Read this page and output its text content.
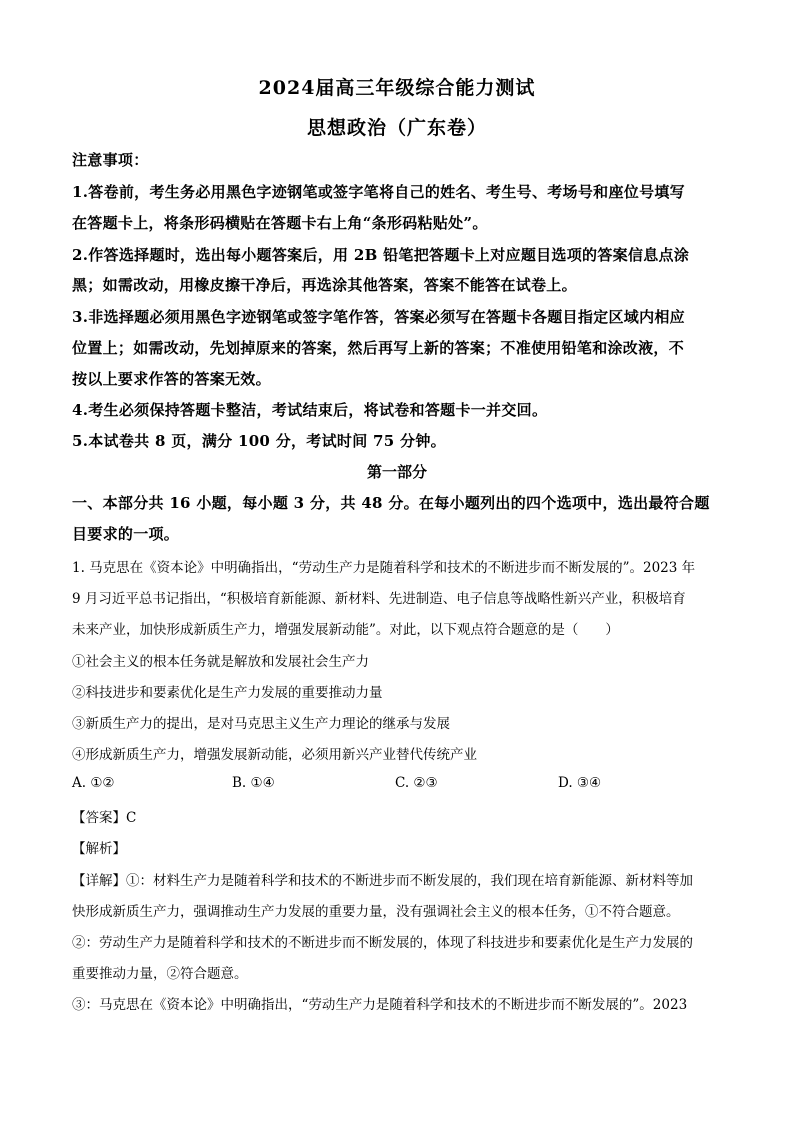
2024届高三年级综合能力测试
思想政治（广东卷）
注意事项：
1.答卷前，考生务必用黑色字迹钢笔或签字笔将自己的姓名、考生号、考场号和座位号填写
在答题卡上，将条形码横贴在答题卡右上角“条形码粘贴处”。
2.作答选择题时，选出每小题答案后，用 2B 铅笔把答题卡上对应题目选项的答案信息点涂
黑；如需改动，用橡皮擦干净后，再选涂其他答案，答案不能答在试卷上。
3.非选择题必须用黑色字迹钢笔或签字笔作答，答案必须写在答题卡各题目指定区域内相应
位置上；如需改动，先划掉原来的答案，然后再写上新的答案；不准使用铅笔和涂改液，不
按以上要求作答的答案无效。
4.考生必须保持答题卡整洁，考试结束后，将试卷和答题卡一并交回。
5.本试卷共 8 页，满分 100 分，考试时间 75 分钟。
第一部分
一、本部分共 16 小题，每小题 3 分，共 48 分。在每小题列出的四个选项中，选出最符合题
目要求的一项。
1. 马克思在《资本论》中明确指出，“劳动生产力是随着科学和技术的不断进步而不断发展的”。2023 年
9 月习近平总书记指出，“积极培育新能源、新材料、先进制造、电子信息等战略性新兴产业，积极培育
未来产业，加快形成新质生产力，增强发展新动能”。对此，以下观点符合题意的是（　　）
①社会主义的根本任务就是解放和发展社会生产力
②科技进步和要素优化是生产力发展的重要推动力量
③新质生产力的提出，是对马克思主义生产力理论的继承与发展
④形成新质生产力，增强发展新动能，必须用新兴产业替代传统产业
A. ①②	B. ①④	C. ②③	D. ③④
【答案】C
【解析】
【详解】①：材料生产力是随着科学和技术的不断进步而不断发展的，我们现在培育新能源、新材料等加
快形成新质生产力，强调推动生产力发展的重要力量，没有强调社会主义的根本任务，①不符合题意。
②：劳动生产力是随着科学和技术的不断进步而不断发展的，体现了科技进步和要素优化是生产力发展的
重要推动力量，②符合题意。
③：马克思在《资本论》中明确指出，“劳动生产力是随着科学和技术的不断进步而不断发展的”。2023
